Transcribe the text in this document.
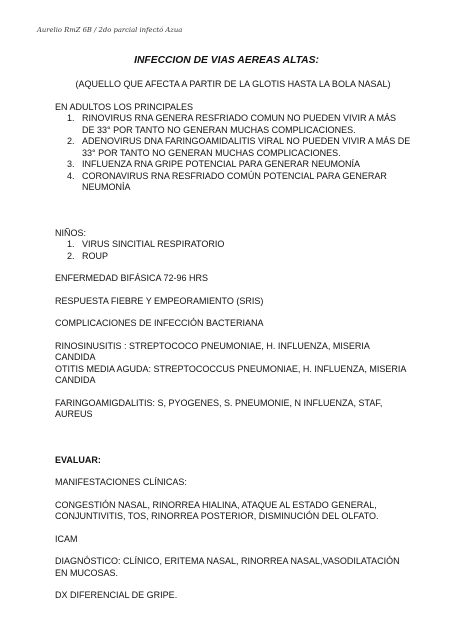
Aurelio RmZ 6B / 2do parcial infectó Azua
INFECCION DE VIAS AEREAS ALTAS:

(AQUELLO QUE AFECTA A PARTIR DE LA GLOTIS HASTA LA BOLA NASAL)

EN ADULTOS LOS PRINCIPALES

1. RINOVIRUS RNA GENERA RESFRIADO COMUN NO PUEDEN VIVIR A MÁS DE 33° POR TANTO NO GENERAN MUCHAS COMPLICACIONES.
2. ADENOVIRUS DNA FARINGOAMIDALITIS VIRAL NO PUEDEN VIVIR A MÁS DE 33° POR TANTO NO GENERAN MUCHAS COMPLICACIONES.
3. INFLUENZA RNA GRIPE POTENCIAL PARA GENERAR NEUMONÍA
4. CORONAVIRUS RNA RESFRIADO COMÚN POTENCIAL PARA GENERAR NEUMONÍA

NIÑOS:

1. VIRUS SINCITIAL RESPIRATORIO
2. ROUP

ENFERMEDAD BIFÁSICA 72-96 HRS

RESPUESTA FIEBRE Y EMPEORAMIENTO (SRIS)

COMPLICACIONES DE INFECCIÓN BACTERIANA

RINOSINUSITIS : STREPTOCOCO PNEUMONIAE, H. INFLUENZA, MISERIA CANDIDA

OTITIS MEDIA AGUDA: STREPTOCOCCUS PNEUMONIAE, H. INFLUENZA, MISERIA CANDIDA

FARINGOAMIGDALITIS: S, PYOGENES, S. PNEUMONIE, N INFLUENZA, STAF, AUREUS

EVALUAR:

MANIFESTACIONES CLÍNICAS:

CONGESTIÓN NASAL, RINORREA HIALINA, ATAQUE AL ESTADO GENERAL, CONJUNTIVITIS, TOS, RINORREA POSTERIOR, DISMINUCIÓN DEL OLFATO.

ICAM

DIAGNÓSTICO: CLÍNICO, ERITEMA NASAL, RINORREA NASAL,VASODILATACIÓN EN MUCOSAS.

DX DIFERENCIAL DE GRIPE.
